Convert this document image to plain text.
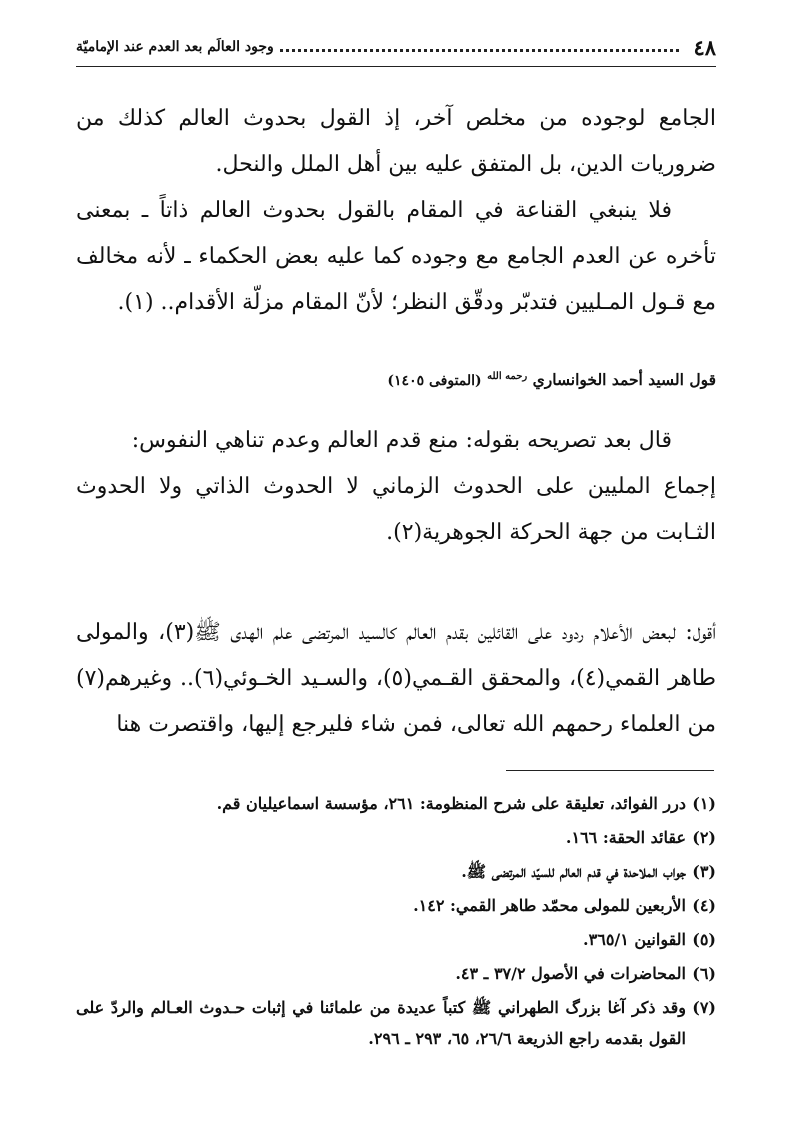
٤٨
وجود العالَم بعد العدم عند الإماميّة

الجامع لوجوده من مخلص آخر، إذ القول بحدوث العالم كذلك من ضروريات الدين، بل المتفق عليه بين أهل الملل والنحل.

فلا ينبغي القناعة في المقام بالقول بحدوث العالم ذاتاً ـ بمعنى تأخره عن العدم الجامع مع وجوده كما عليه بعض الحكماء ـ لأنه مخالف مع قـول المـليين فتدبّر ودقّق النظر؛ لأنّ المقام مزلّة الأقدام.. (١).

قول السيد أحمد الخوانساري $^{رحمه الله}$ (المتوفى ١٤٠٥)

قال بعد تصريحه بقوله: منع قدم العالم وعدم تناهي النفوس:

إجماع المليين على الحدوث الزماني لا الحدوث الذاتي ولا الحدوث الثـابت من جهة الحركة الجوهرية(٢).

أقول: لبعض الأعلام ردود على القائلين بقدم العالم كالسيد المرتضى علم الهدى ﷺ(٣)، والمولى طاهر القمي(٤)، والمحقق القـمي(٥)، والسـيد الخـوئي(٦).. وغيرهم(٧) من العلماء رحمهم الله تعالى، فمن شاء فليرجع إليها، واقتصرت هنا

(١)
درر الفوائد، تعليقة على شرح المنظومة: ٢٦١، مؤسسة اسماعيليان قم.
(٢)
عقائد الحقة: ١٦٦.
(٣)
جواب الملاحدة في قدم العالم للسيّد المرتضى ﷺ.
(٤)
الأربعين للمولى محمّد طاهر القمي: ١٤٢.
(٥)
القوانين ٣٦٥/١.
(٦)
المحاضرات في الأصول ٣٧/٢ ـ ٤٣.
(٧)
وقد ذكر آغا بزرگ الطهراني ﷺ كتباً عديدة من علمائنا في إثبات حـدوث العـالم والردّ على القول بقدمه راجع الذريعة ٢٦/٦، ٦٥، ٢٩٣ ـ ٢٩٦.
